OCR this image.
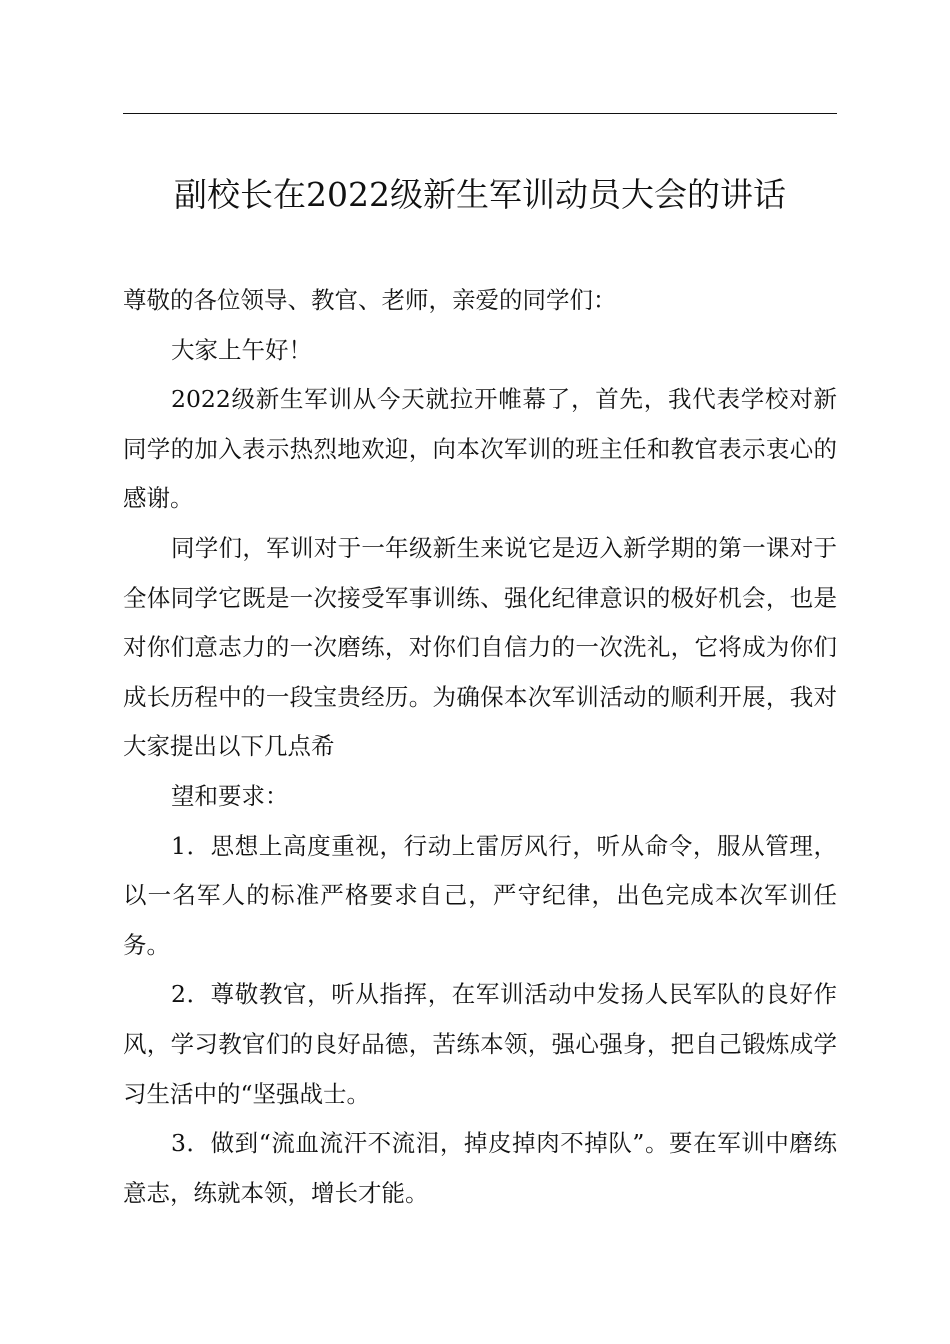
副校长在2022级新生军训动员大会的讲话

尊敬的各位领导、教官、老师，亲爱的同学们：

大家上午好！

2022级新生军训从今天就拉开帷幕了，首先，我代表学校对新同学的加入表示热烈地欢迎，向本次军训的班主任和教官表示衷心的感谢。

同学们，军训对于一年级新生来说它是迈入新学期的第一课对于全体同学它既是一次接受军事训练、强化纪律意识的极好机会，也是对你们意志力的一次磨练，对你们自信力的一次洗礼，它将成为你们成长历程中的一段宝贵经历。为确保本次军训活动的顺利开展，我对大家提出以下几点希

望和要求：

1．思想上高度重视，行动上雷厉风行，听从命令，服从管理，以一名军人的标准严格要求自己，严守纪律，出色完成本次军训任务。

2．尊敬教官，听从指挥，在军训活动中发扬人民军队的良好作风，学习教官们的良好品德，苦练本领，强心强身，把自己锻炼成学习生活中的“坚强战士。

3．做到“流血流汗不流泪，掉皮掉肉不掉队”。要在军训中磨练意志，练就本领，增长才能。
